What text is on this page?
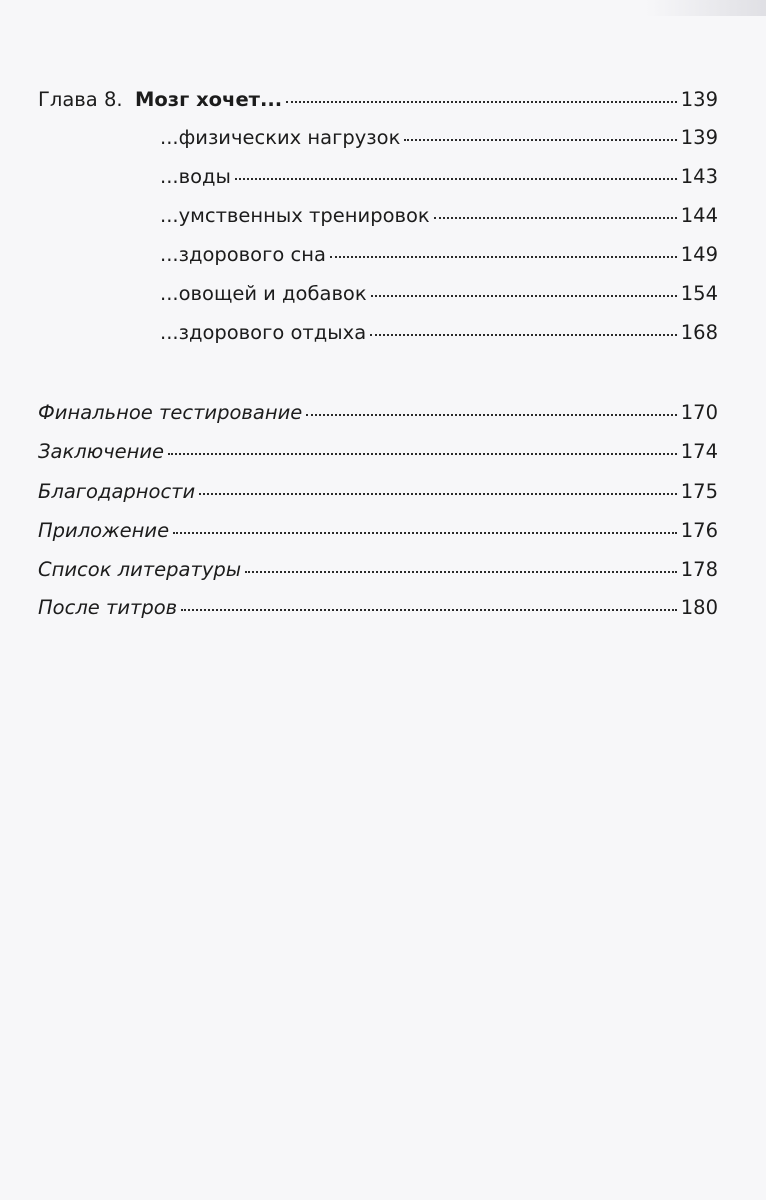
Глава 8. Мозг хочет...	139
...физических нагрузок	139
...воды	143
...умственных тренировок	144
...здорового сна	149
...овощей и добавок	154
...здорового отдыха	168
Финальное тестирование	170
Заключение	174
Благодарности	175
Приложение	176
Список литературы	178
После титров	180
